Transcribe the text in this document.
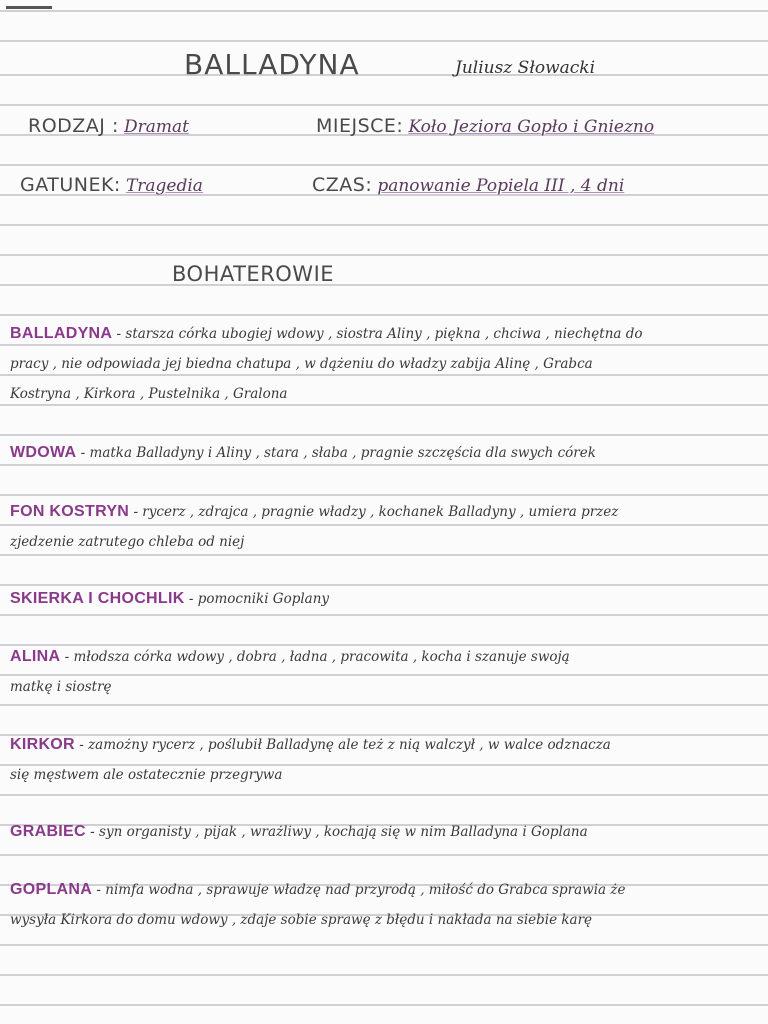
BALLADYNA	Juliusz Słowacki
RODZAJ : Dramat	MIEJSCE: Koło Jeziora Gopło i Gniezno
GATUNEK: Tragedia	CZAS: panowanie Popiela III , 4 dni
BOHATEROWIE
BALLADYNA - starsza córka ubogiej wdowy , siostra Aliny , piękna , chciwa , niechętna do
pracy , nie odpowiada jej biedna chatupa , w dążeniu do władzy zabija Alinę , Grabca
Kostryna , Kirkora , Pustelnika , Gralona
WDOWA - matka Balladyny i Aliny , stara , słaba , pragnie szczęścia dla swych córek
FON KOSTRYN - rycerz , zdrajca , pragnie władzy , kochanek Balladyny , umiera przez
zjedzenie zatrutego chleba od niej
SKIERKA I CHOCHLIK - pomocniki Goplany
ALINA - młodsza córka wdowy , dobra , ładna , pracowita , kocha i szanuje swoją
matkę i siostrę
KIRKOR - zamożny rycerz , poślubił Balladynę ale też z nią walczył , w walce odznacza
się męstwem ale ostatecznie przegrywa
GRABIEC - syn organisty , pijak , wrażliwy , kochają się w nim Balladyna i Goplana
GOPLANA - nimfa wodna , sprawuje władzę nad przyrodą , miłość do Grabca sprawia że
wysyła Kirkora do domu wdowy , zdaje sobie sprawę z błędu i nakłada na siebie karę
